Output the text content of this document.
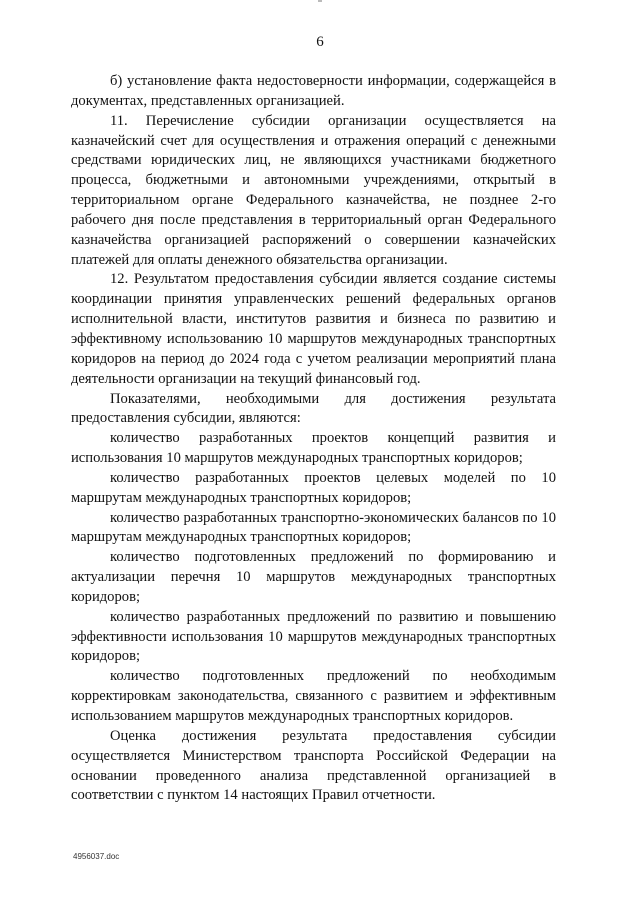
6

б) установление факта недостоверности информации, содержащейся в документах, представленных организацией.

11. Перечисление субсидии организации осуществляется на казначейский счет для осуществления и отражения операций с денежными средствами юридических лиц, не являющихся участниками бюджетного процесса, бюджетными и автономными учреждениями, открытый в территориальном органе Федерального казначейства, не позднее 2-го рабочего дня после представления в территориальный орган Федерального казначейства организацией распоряжений о совершении казначейских платежей для оплаты денежного обязательства организации.

12. Результатом предоставления субсидии является создание системы координации принятия управленческих решений федеральных органов исполнительной власти, институтов развития и бизнеса по развитию и эффективному использованию 10 маршрутов международных транспортных коридоров на период до 2024 года с учетом реализации мероприятий плана деятельности организации на текущий финансовый год.

Показателями, необходимыми для достижения результата предоставления субсидии, являются:

количество разработанных проектов концепций развития и использования 10 маршрутов международных транспортных коридоров;

количество разработанных проектов целевых моделей по 10 маршрутам международных транспортных коридоров;

количество разработанных транспортно-экономических балансов по 10 маршрутам международных транспортных коридоров;

количество подготовленных предложений по формированию и актуализации перечня 10 маршрутов международных транспортных коридоров;

количество разработанных предложений по развитию и повышению эффективности использования 10 маршрутов международных транспортных коридоров;

количество подготовленных предложений по необходимым корректировкам законодательства, связанного с развитием и эффективным использованием маршрутов международных транспортных коридоров.

Оценка достижения результата предоставления субсидии осуществляется Министерством транспорта Российской Федерации на основании проведенного анализа представленной организацией в соответствии с пунктом 14 настоящих Правил отчетности.

4956037.doc
